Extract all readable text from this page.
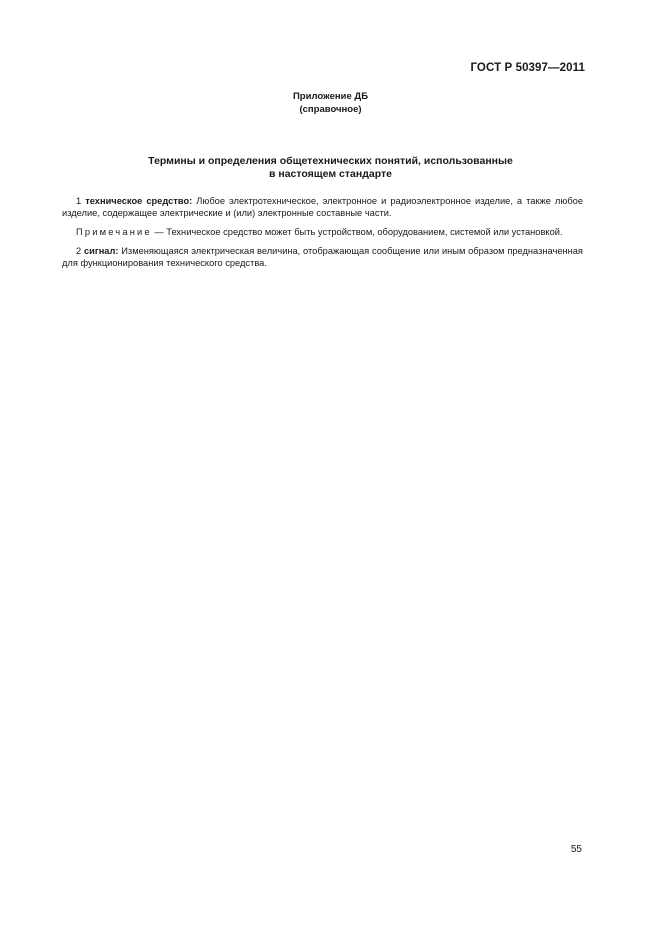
ГОСТ Р 50397—2011
Приложение ДБ
(справочное)
Термины и определения общетехнических понятий, использованные
в настоящем стандарте

1 техническое средство: Любое электротехническое, электронное и радиоэлектронное изделие, а также любое изделие, содержащее электрические и (или) электронные составные части.

Примечание — Техническое средство может быть устройством, оборудованием, системой или установкой.

2 сигнал: Изменяющаяся электрическая величина, отображающая сообщение или иным образом предназначенная для функционирования технического средства.

55
